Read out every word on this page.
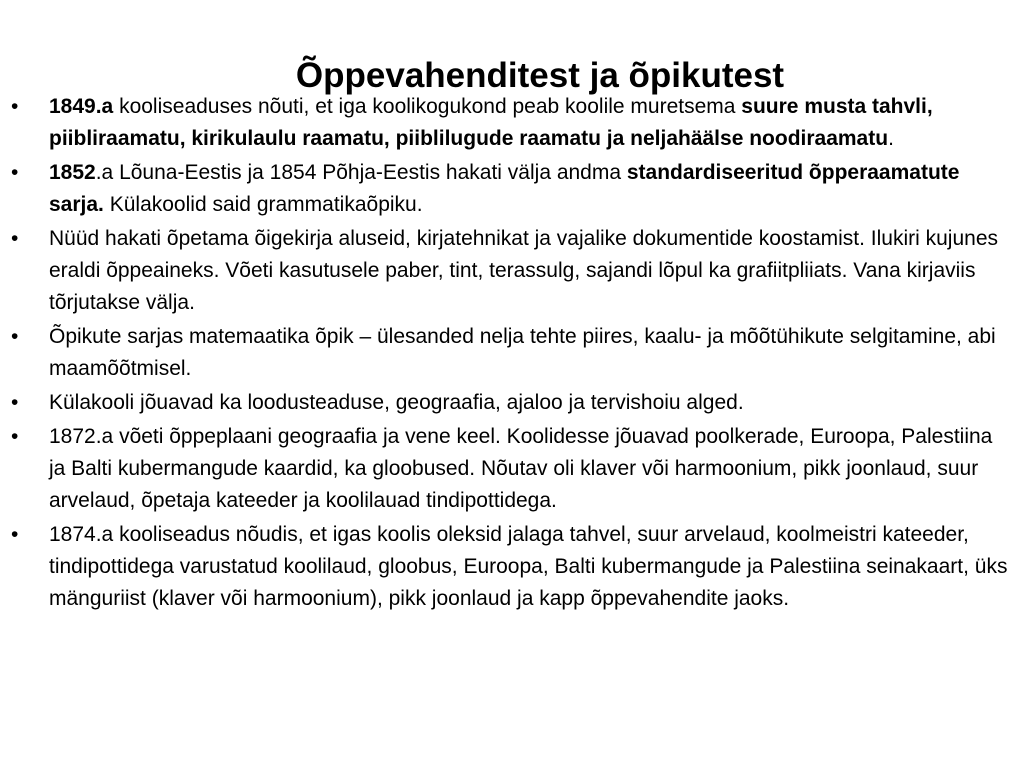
Õppevahenditest ja õpikutest
• 1849.a kooliseaduses nõuti, et iga koolikogukond peab koolile muretsema suure musta tahvli, piibliraamatu, kirikulaulu raamatu, piiblilugude raamatu ja neljahäälse noodiraamatu.
• 1852.a Lõuna-Eestis ja 1854 Põhja-Eestis hakati välja andma standardiseeritud õpperaamatute sarja. Külakoolid said grammatikaõpiku.
• Nüüd hakati õpetama õigekirja aluseid, kirjatehnikat ja vajalike dokumentide koostamist. Ilukiri kujunes eraldi õppeaineks. Võeti kasutusele paber, tint, terassulg, sajandi lõpul ka grafiitpliiats. Vana kirjaviis tõrjutakse välja.
• Õpikute sarjas matemaatika õpik – ülesanded nelja tehte piires, kaalu- ja mõõtühikute selgitamine, abi maamõõtmisel.
• Külakooli jõuavad ka loodusteaduse, geograafia, ajaloo ja tervishoiu alged.
• 1872.a võeti õppeplaani geograafia ja vene keel. Koolidesse jõuavad poolkerade, Euroopa, Palestiina ja Balti kubermangude kaardid, ka gloobused. Nõutav oli klaver või harmoonium, pikk joonlaud, suur arvelaud, õpetaja kateeder ja koolilauad tindipottidega.
• 1874.a kooliseadus nõudis, et igas koolis oleksid jalaga tahvel, suur arvelaud, koolmeistri kateeder, tindipottidega varustatud koolilaud, gloobus, Euroopa, Balti kubermangude ja Palestiina seinakaart, üks mänguriist (klaver või harmoonium), pikk joonlaud ja kapp õppevahendite jaoks.
